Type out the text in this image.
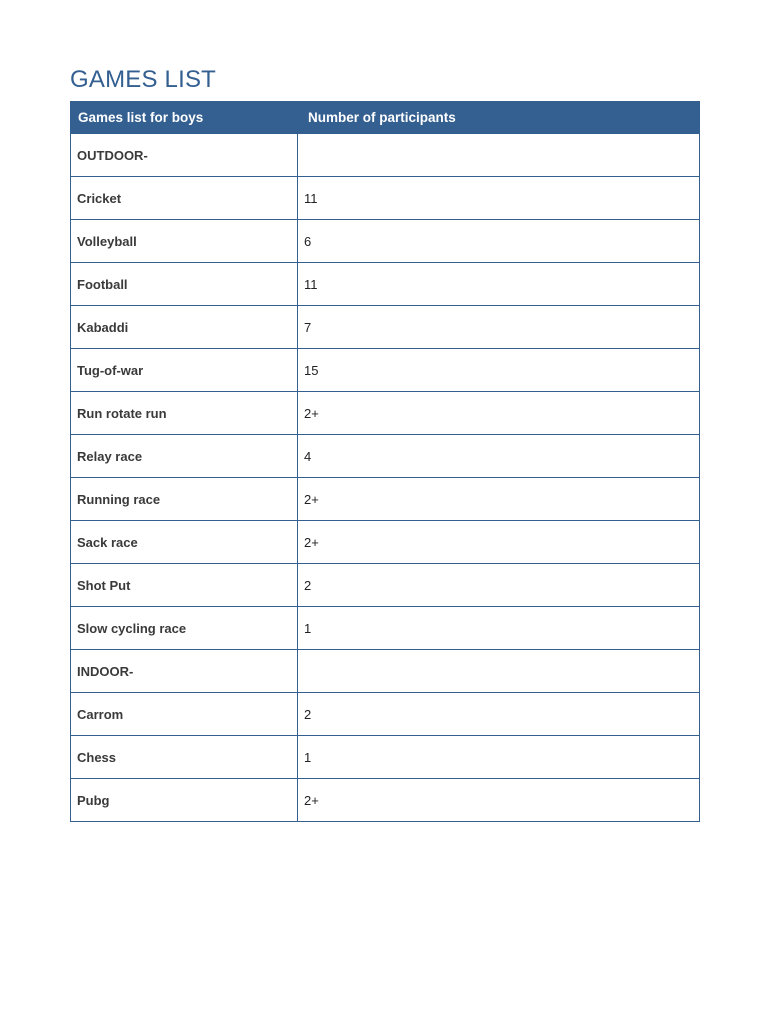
GAMES LIST
Games list for boys	Number of participants
OUTDOOR-	
Cricket	11
Volleyball	6
Football	11
Kabaddi	7
Tug-of-war	15
Run rotate run	2+
Relay race	4
Running race	2+
Sack race	2+
Shot Put	2
Slow cycling race	1
INDOOR-	
Carrom	2
Chess	1
Pubg	2+
